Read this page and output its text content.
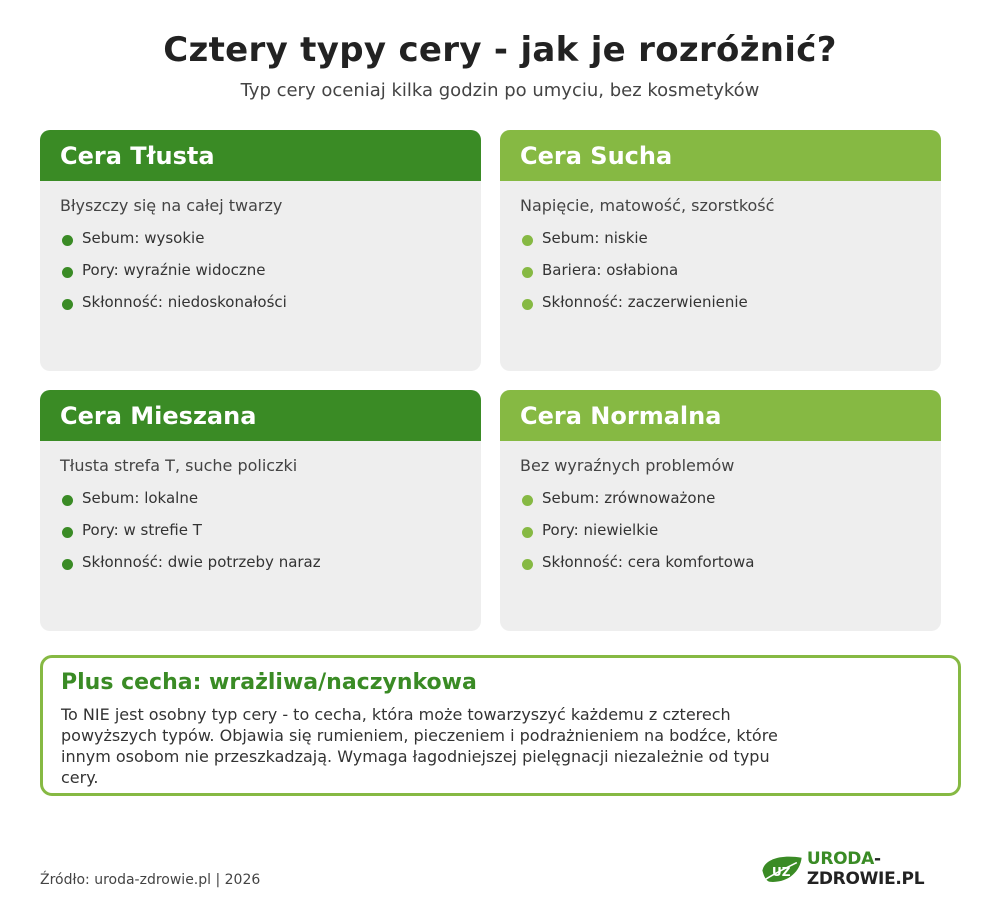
Cztery typy cery - jak je rozróżnić?
Typ cery oceniaj kilka godzin po umyciu, bez kosmetyków
Cera Tłusta
Błyszczy się na całej twarzy
Sebum: wysokie
Pory: wyraźnie widoczne
Skłonność: niedoskonałości
Cera Sucha
Napięcie, matowość, szorstkość
Sebum: niskie
Bariera: osłabiona
Skłonność: zaczerwienienie
Cera Mieszana
Tłusta strefa T, suche policzki
Sebum: lokalne
Pory: w strefie T
Skłonność: dwie potrzeby naraz
Cera Normalna
Bez wyraźnych problemów
Sebum: zrównoważone
Pory: niewielkie
Skłonność: cera komfortowa
Plus cecha: wrażliwa/naczynkowa
To NIE jest osobny typ cery - to cecha, która może towarzyszyć każdemu z czterech powyższych typów. Objawia się rumieniem, pieczeniem i podrażnieniem na bodźce, które innym osobom nie przeszkadzają. Wymaga łagodniejszej pielęgnacji niezależnie od typu cery.
Źródło: uroda-zdrowie.pl | 2026	UZ
URODA-ZDROWIE.PL
